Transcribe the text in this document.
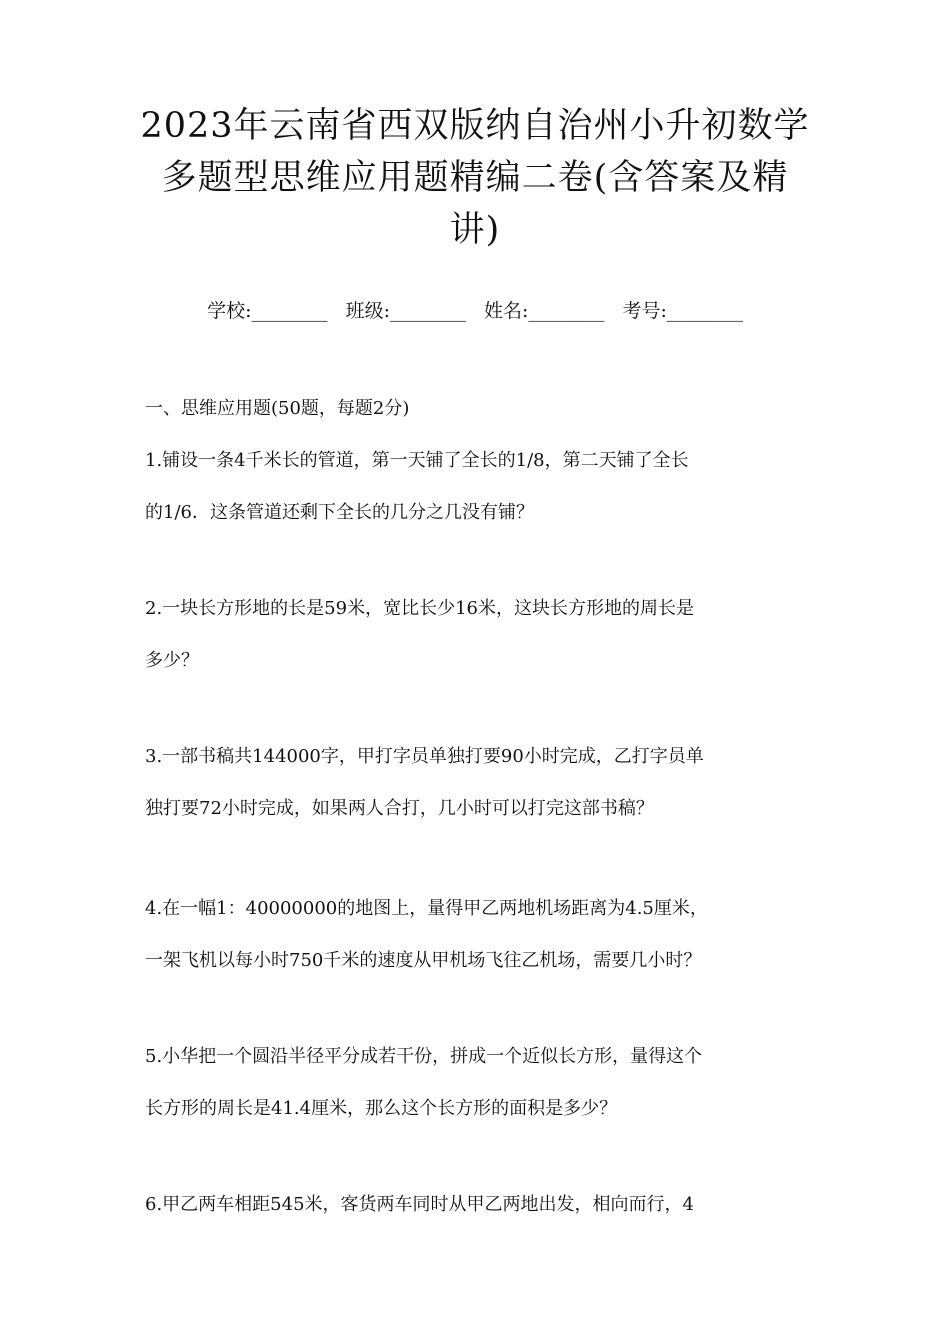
2023年云南省西双版纳自治州小升初数学
多题型思维应用题精编二卷(含答案及精
讲)
学校:________ 班级:________ 姓名:________ 考号:________
一、思维应用题(50题，每题2分)
1.铺设一条4千米长的管道，第一天铺了全长的1/8，第二天铺了全长
的1/6．这条管道还剩下全长的几分之几没有铺？
2.一块长方形地的长是59米，宽比长少16米，这块长方形地的周长是
多少？
3.一部书稿共144000字，甲打字员单独打要90小时完成，乙打字员单
独打要72小时完成，如果两人合打，几小时可以打完这部书稿？
4.在一幅1：40000000的地图上，量得甲乙两地机场距离为4.5厘米，
一架飞机以每小时750千米的速度从甲机场飞往乙机场，需要几小时？
5.小华把一个圆沿半径平分成若干份，拼成一个近似长方形，量得这个
长方形的周长是41.4厘米，那么这个长方形的面积是多少？
6.甲乙两车相距545米，客货两车同时从甲乙两地出发，相向而行，4
